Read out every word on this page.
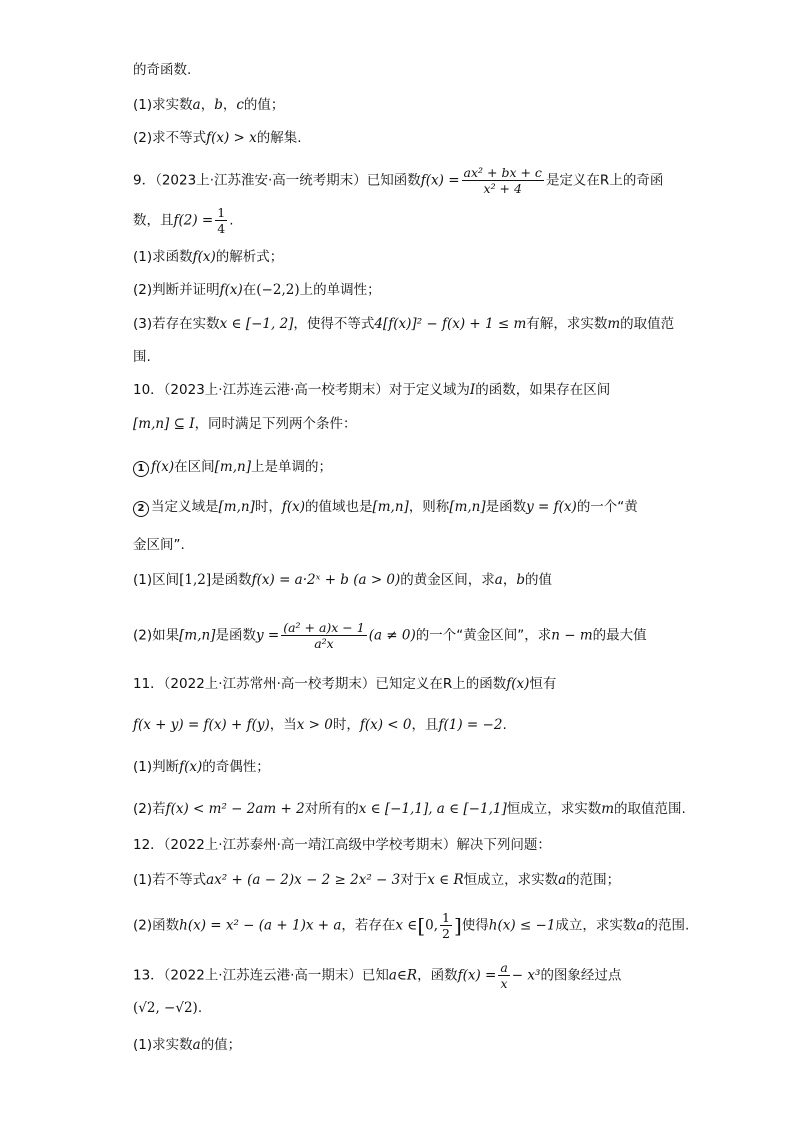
的奇函数.
(1)求实数a，b，c的值；
(2)求不等式f(x) > x的解集.
9．（2023上·江苏淮安·高一统考期末）已知函数$f(x) = \frac{\text{ax² + bx + c}}{\text{x² + 4}}$ 是定义在R上的奇函
数，且$f(2) = \frac{1}{4}$ .
(1)求函数f(x)的解析式；
(2)判断并证明f(x)在(−2,2)上的单调性；
(3)若存在实数x ∈ [−1, 2]，使得不等式4[f(x)]² − f(x) + 1 ≤ m有解，求实数m的取值范
围.
10．（2023上·江苏连云港·高一校考期末）对于定义域为I的函数，如果存在区间
[m,n] ⊆ I，同时满足下列两个条件：
1 f(x)在区间[m,n]上是单调的；
2 当定义域是[m,n]时，f(x)的值域也是[m,n]，则称[m,n]是函数y = f(x)的一个“黄
金区间”.
(1)区间[1,2]是函数f(x) = a·2ˣ + b (a > 0)的黄金区间，求a，b的值
(2)如果[m,n]是函数$y = \frac{\text{(a² + a)x − 1}}{\text{a²x}} (a \ne 0)$的一个“黄金区间”，求n − m的最大值
11．（2022上·江苏常州·高一校考期末）已知定义在R上的函数f(x)恒有
f(x + y) = f(x) + f(y)，当x > 0时，f(x) < 0，且f(1) = −2.
(1)判断f(x)的奇偶性；
(2)若f(x) < m² − 2am + 2对所有的x ∈ [−1,1], a ∈ [−1,1]恒成立，求实数m的取值范围.
12．（2022上·江苏泰州·高一靖江高级中学校考期末）解决下列问题：
(1)若不等式ax² + (a − 2)x − 2 ≥ 2x² − 3对于x ∈ R恒成立，求实数a的范围；
(2)函数h(x) = x² − (a + 1)x + a，若存在x ∈[0, $\frac{1}{2}$ ]使得h(x) ≤ −1成立，求实数a的范围.
13．（2022上·江苏连云港·高一期末）已知a∈R，函数$f(x) = \frac{a}{x} - x^3$的图象经过点
(√2, −√2).
(1)求实数a的值；
